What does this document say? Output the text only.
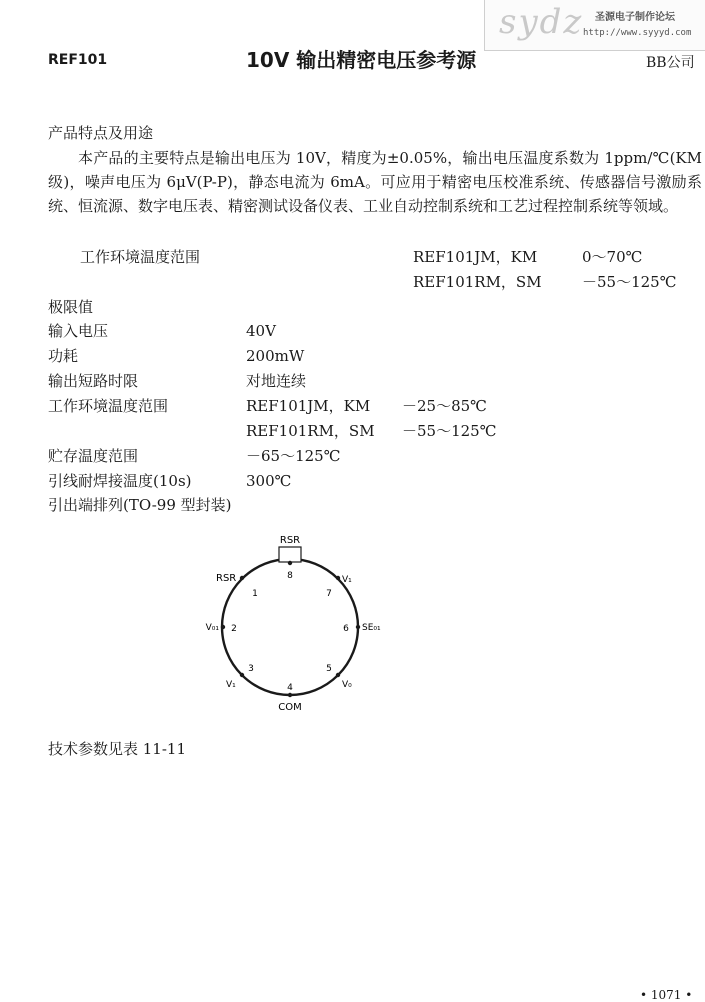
sydz 圣源电子制作论坛
http://www.syyyd.com
REF101	10V 输出精密电压参考源	BB公司
产品特点及用途
本产品的主要特点是输出电压为 10V，精度为±0.05%，输出电压温度系数为 1ppm/℃(KM 级)，噪声电压为 6μV(P-P)，静态电流为 6mA。可应用于精密电压校准系统、传感器信号激励系统、恒流源、数字电压表、精密测试设备仪表、工业自动控制系统和工艺过程控制系统等领域。
工作环境温度范围	REF101JM，KM	0～70℃
REF101RM，SM	－55～125℃
极限值
输入电压	40V
功耗	200mW
输出短路时限	对地连续
工作环境温度范围	REF101JM，KM －25～85℃
REF101RM，SM －55～125℃
贮存温度范围	－65～125℃
引线耐焊接温度(10s)	300℃
引出端排列(TO-99 型封装)
RSR
8
1
2
3
4
5
6
7
RSR
V₀₁
V₁
COM
V₀
SE₀₁
V₁
技术参数见表 11-11
• 1071 •
